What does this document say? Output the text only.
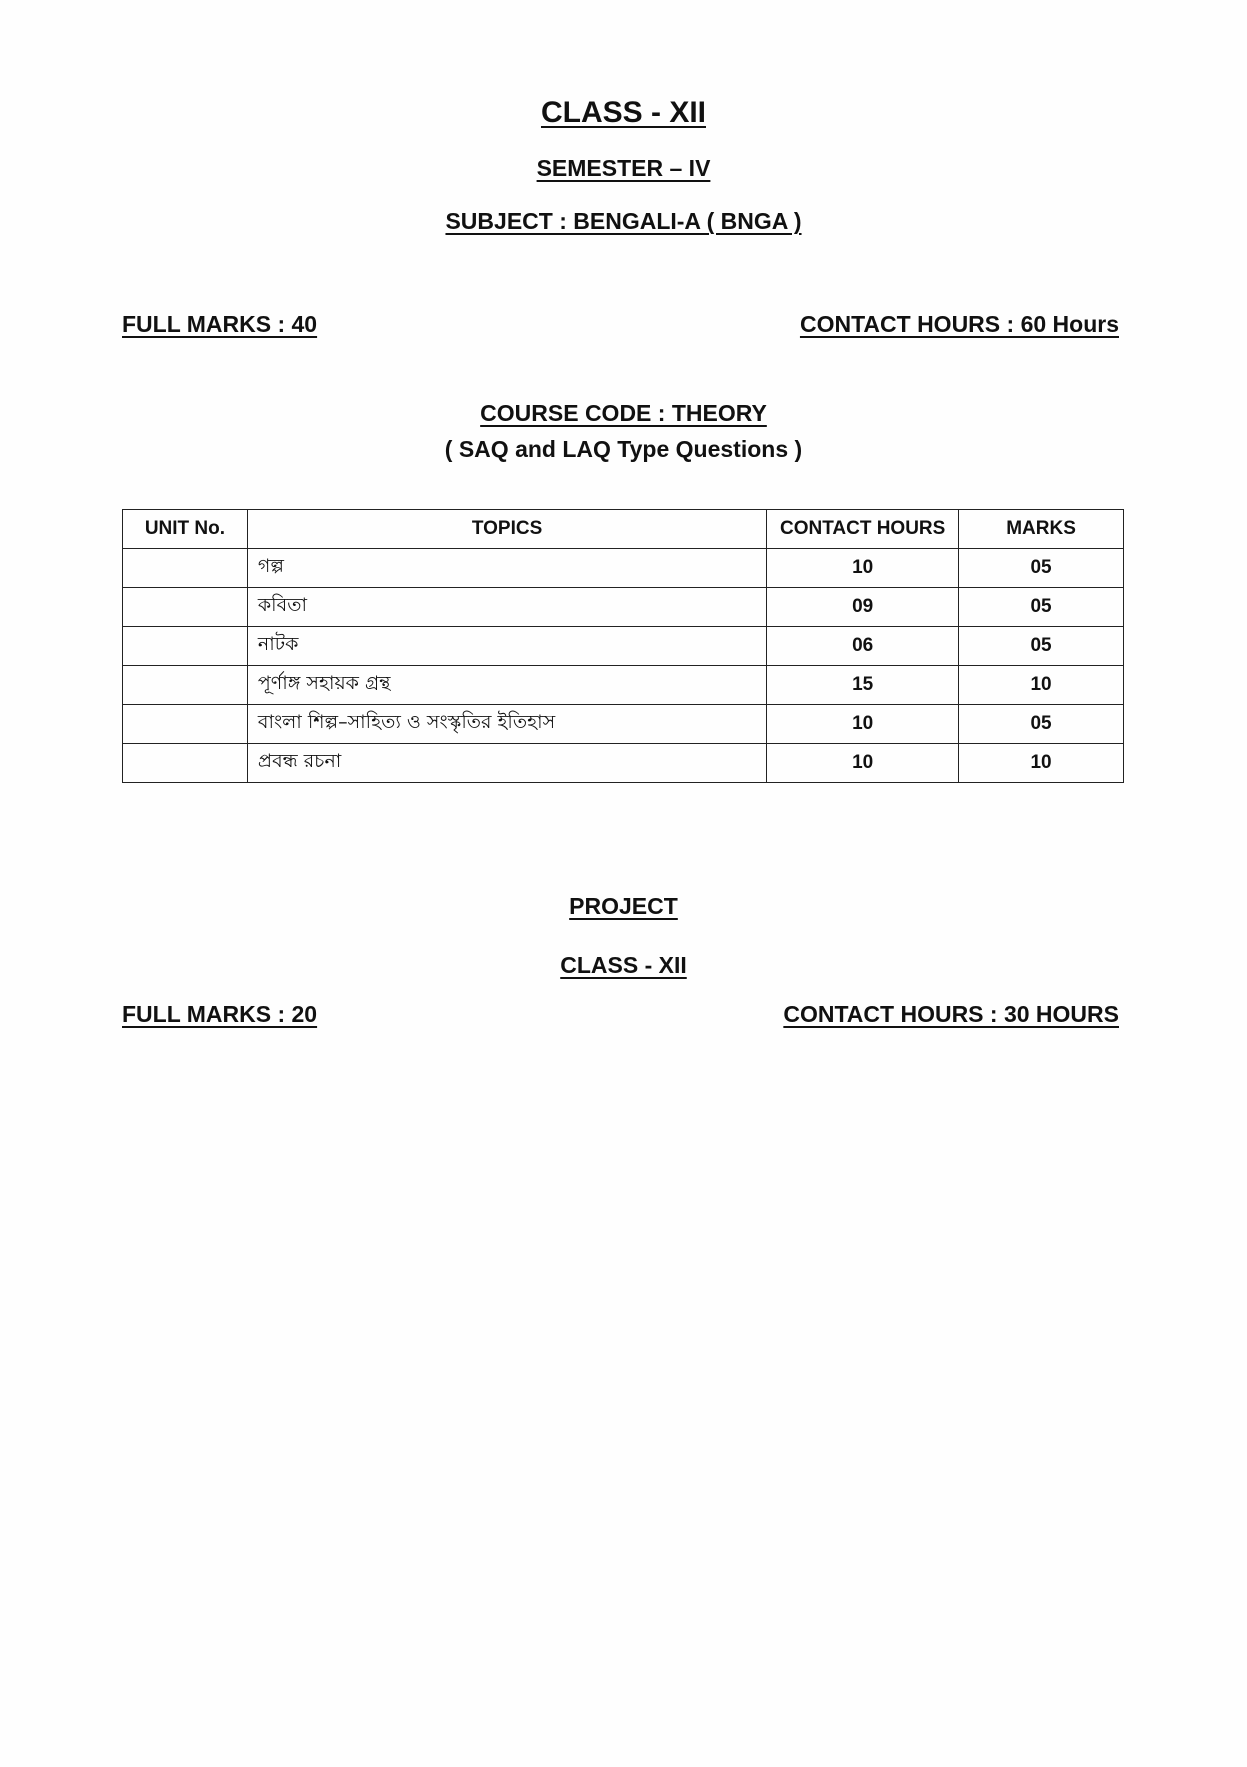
CLASS - XII
SEMESTER – IV
SUBJECT : BENGALI-A ( BNGA )
FULL MARKS : 40	CONTACT HOURS : 60 Hours
COURSE CODE : THEORY
( SAQ and LAQ Type Questions )
UNIT No.	TOPICS	CONTACT HOURS	MARKS
	গল্প	10	05
	কবিতা	09	05
	নাটক	06	05
	পূর্ণাঙ্গ সহায়ক গ্রন্থ	15	10
	বাংলা শিল্প–সাহিত্য ও সংস্কৃতির ইতিহাস	10	05
	প্রবন্ধ রচনা	10	10
PROJECT
CLASS - XII
FULL MARKS : 20	CONTACT HOURS : 30 HOURS
